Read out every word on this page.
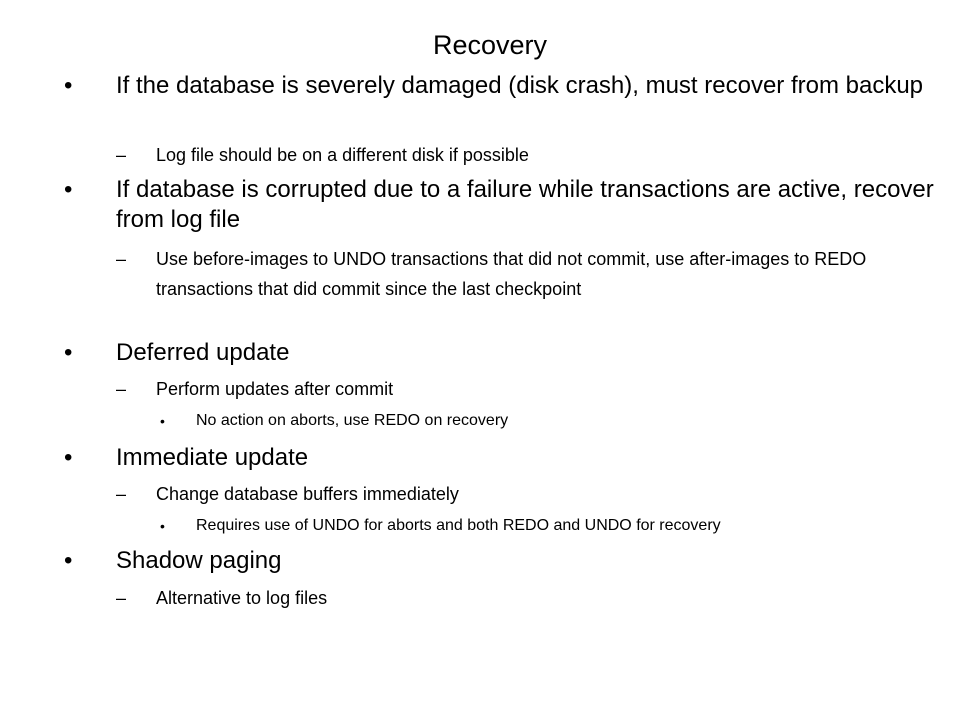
Recovery
• If the database is severely damaged (disk crash), must recover from backup
– Log file should be on a different disk if possible
• If database is corrupted due to a failure while transactions are active, recover from log file
– Use before-images to UNDO transactions that did not commit, use after-images to REDO transactions that did commit since the last checkpoint
• Deferred update
– Perform updates after commit
• No action on aborts, use REDO on recovery
• Immediate update
– Change database buffers immediately
• Requires use of UNDO for aborts and both REDO and UNDO for recovery
• Shadow paging
– Alternative to log files
